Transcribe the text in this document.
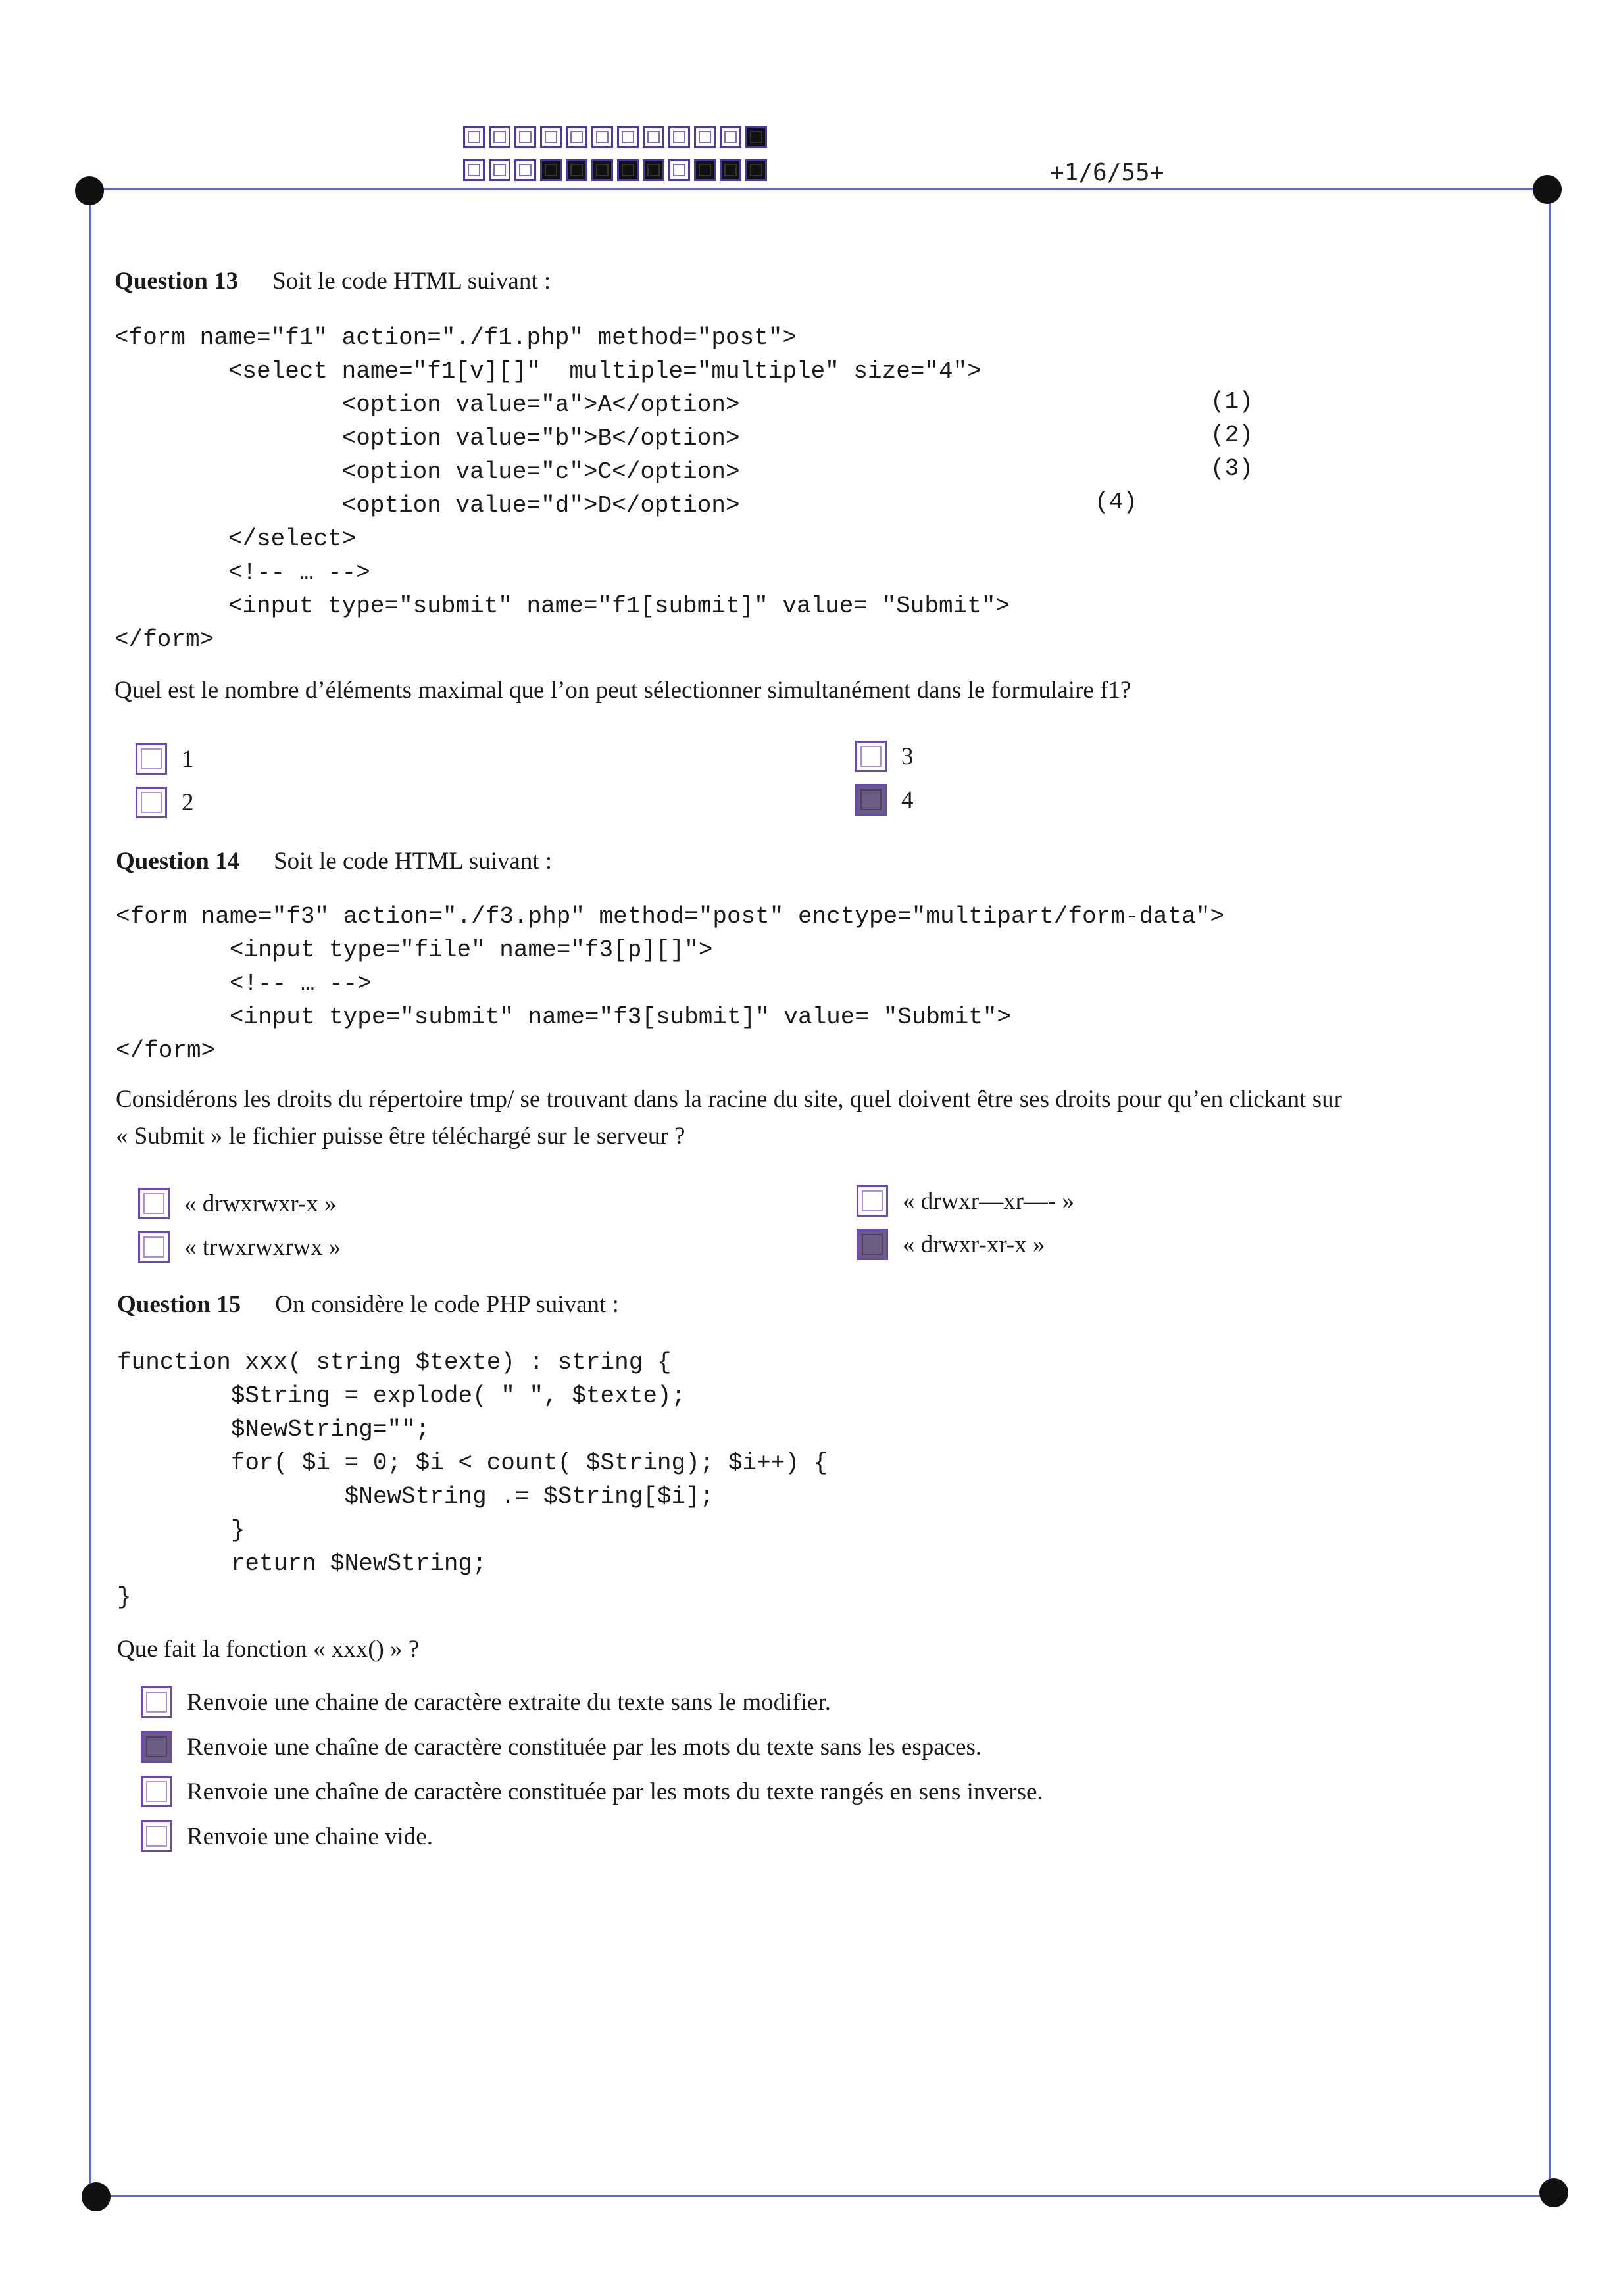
+1/6/55+
Question 13 Soit le code HTML suivant :
<form name="f1" action="./f1.php" method="post">
<select name="f1[v][]"  multiple="multiple" size="4">
<option value="a">A</option>
<option value="b">B</option>
<option value="c">C</option>
<option value="d">D</option>
</select>
<!-- … -->
<input type="submit" name="f1[submit]" value= "Submit">
</form>
(1)
(2)
(3)
(4)
Quel est le nombre d’éléments maximal que l’on peut sélectionner simultanément dans le formulaire f1?
1
2
3
4
Question 14 Soit le code HTML suivant :
<form name="f3" action="./f3.php" method="post" enctype="multipart/form-data">
<input type="file" name="f3[p][]">
<!-- … -->
<input type="submit" name="f3[submit]" value= "Submit">
</form>
Considérons les droits du répertoire tmp/ se trouvant dans la racine du site, quel doivent être ses droits pour qu’en clickant sur
« Submit » le fichier puisse être téléchargé sur le serveur ?
« drwxrwxr-x »
« trwxrwxrwx »
« drwxr—xr—- »
« drwxr-xr-x »
Question 15 On considère le code PHP suivant :
function xxx( string $texte) : string {
$String = explode( " ", $texte);
$NewString="";
for( $i = 0; $i < count( $String); $i++) {
$NewString .= $String[$i];
}
return $NewString;
}
Que fait la fonction « xxx() » ?
Renvoie une chaine de caractère extraite du texte sans le modifier.
Renvoie une chaîne de caractère constituée par les mots du texte sans les espaces.
Renvoie une chaîne de caractère constituée par les mots du texte rangés en sens inverse.
Renvoie une chaine vide.
